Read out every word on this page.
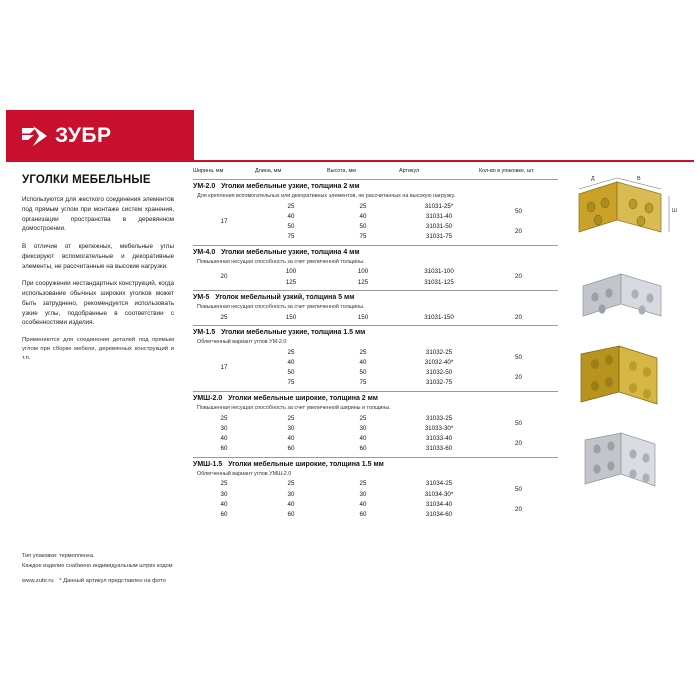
ЗУБР
УГОЛКИ МЕБЕЛЬНЫЕ
Используются для жесткого соединения элементов под прямым углом при монтаже систем хранения, организации пространства в деревянном домостроении.
В отличие от крепежных, мебельные углы фиксируют вспомогательные и декоративные элементы, не рассчитанные на высокие нагрузки.
При сооружении нестандартных конструкций, когда использование обычных широких уголков может быть затруднено, рекомендуется использовать узкие углы, подобранные в соответствии с особенностями изделия.
Применяются для соединения деталей под прямым углом при сборке мебели, деревянных конструкций и т.п.
Тип упаковки: термопленка.
Каждое изделие снабжено индивидуальным штрих кодом
www.zubr.ru * Данный артикул представлен на фото
Ширина, мм	Длина, мм	Высота, мм	Артикул	Кол-во в упаковке, шт.
УМ-2.0 Уголки мебельные узкие, толщина 2 мм
Для крепления вспомогательных или декоративных элементов, не рассчитанных на высокую нагрузку.
17	25	25	31031-25*	50
	40	40	31031-40	
	50	50	31031-50	20
	75	75	31031-75	
УМ-4.0 Уголки мебельные узкие, толщина 4 мм
Повышенная несущая способность за счет увеличенной толщины.
20	100	100	31031-100	20
	125	125	31031-125	
УМ-5 Уголок мебельный узкий, толщина 5 мм
Повышенная несущая способность за счет увеличенной толщины.
25	150	150	31031-150	20
УМ-1.5 Уголки мебельные узкие, толщина 1.5 мм
Облегченный вариант углов УМ-2.0
17	25	25	31032-25	50
	40	40	31032-40*	
	50	50	31032-50	20
	75	75	31032-75	
УМШ-2.0 Уголки мебельные широкие, толщина 2 мм
Повышенная несущая способность за счет увеличенной ширины и толщины.
25	25	25	31033-25	50
30	30	30	31033-30*	
40	40	40	31033-40	20
60	60	60	31033-60	
УМШ-1.5 Уголки мебельные широкие, толщина 1.5 мм
Облегченный вариант углов УМШ-2.0
25	25	25	31034-25	50
30	30	30	31034-30*	
40	40	40	31034-40	20
60	60	60	31034-60	
Д	В
Ш
